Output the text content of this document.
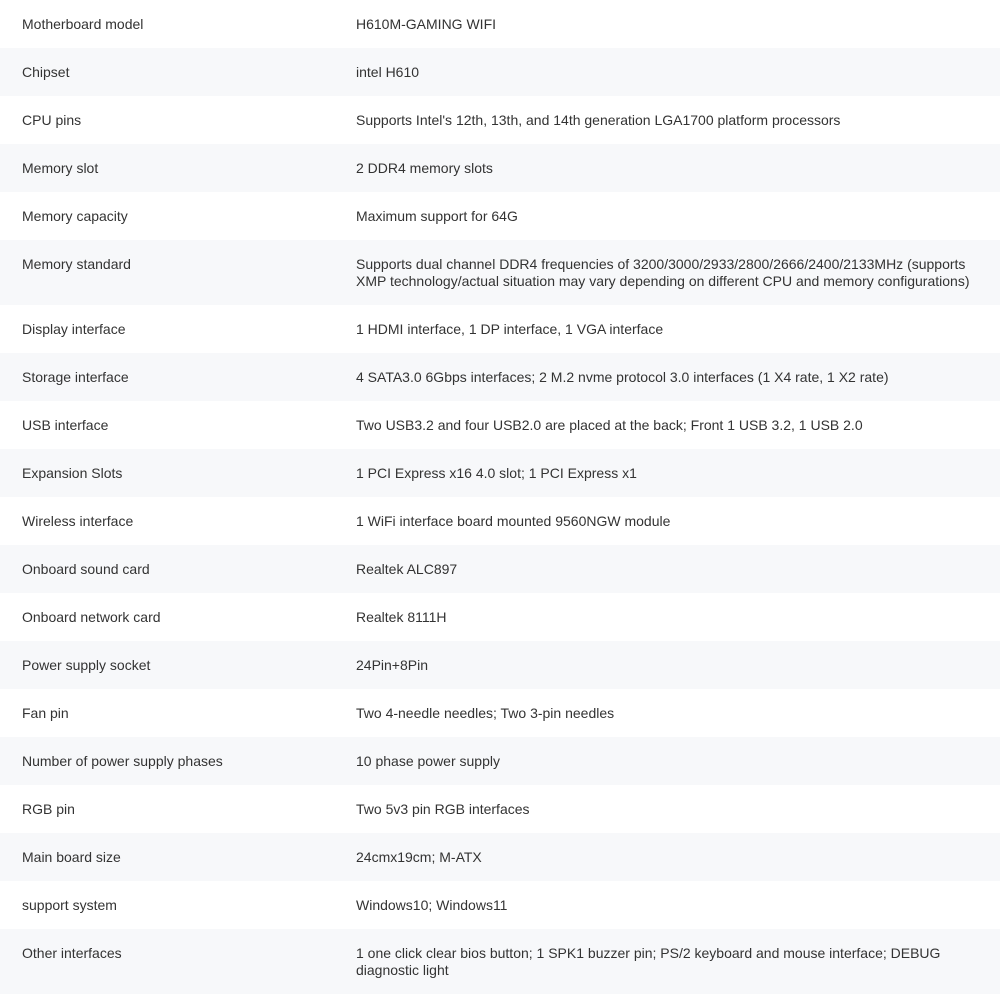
Motherboard model	H610M-GAMING WIFI
Chipset	intel H610
CPU pins	Supports Intel's 12th, 13th, and 14th generation LGA1700 platform processors
Memory slot	2 DDR4 memory slots
Memory capacity	Maximum support for 64G
Memory standard	Supports dual channel DDR4 frequencies of 3200/3000/2933/2800/2666/2400/2133MHz (supports XMP technology/actual situation may vary depending on different CPU and memory configurations)
Display interface	1 HDMI interface, 1 DP interface, 1 VGA interface
Storage interface	4 SATA3.0 6Gbps interfaces; 2 M.2 nvme protocol 3.0 interfaces (1 X4 rate, 1 X2 rate)
USB interface	Two USB3.2 and four USB2.0 are placed at the back; Front 1 USB 3.2, 1 USB 2.0
Expansion Slots	1 PCI Express x16 4.0 slot; 1 PCI Express x1
Wireless interface	1 WiFi interface board mounted 9560NGW module
Onboard sound card	Realtek ALC897
Onboard network card	Realtek 8111H
Power supply socket	24Pin+8Pin
Fan pin	Two 4-needle needles; Two 3-pin needles
Number of power supply phases	10 phase power supply
RGB pin	Two 5v3 pin RGB interfaces
Main board size	24cmx19cm; M-ATX
support system	Windows10; Windows11
Other interfaces	1 one click clear bios button; 1 SPK1 buzzer pin; PS/2 keyboard and mouse interface; DEBUG diagnostic light
